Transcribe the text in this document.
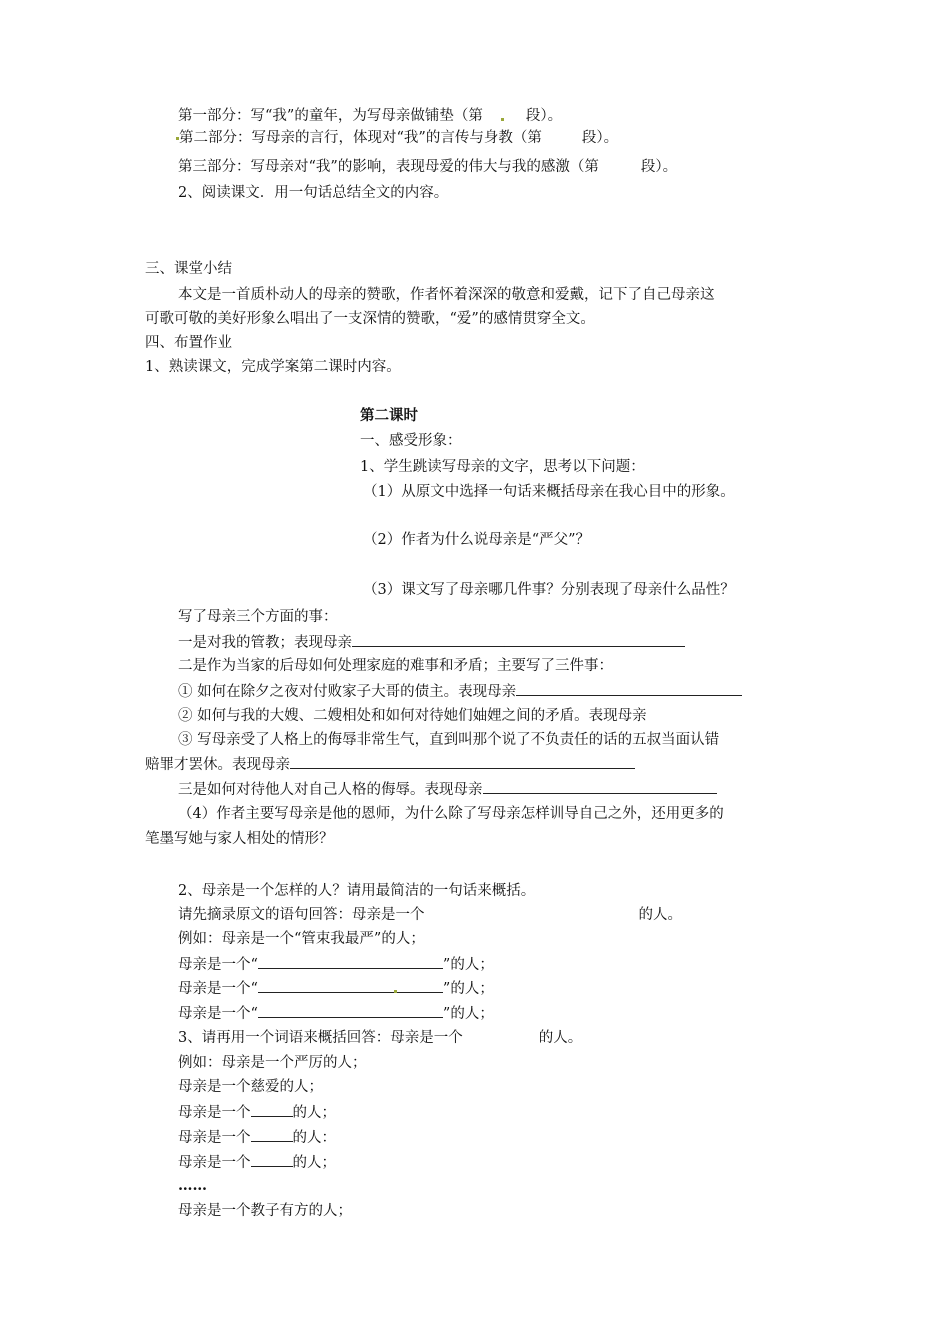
第一部分：写“我”的童年，为写母亲做铺垫（第	段）。
第二部分：写母亲的言行，体现对“我”的言传与身教（第	段）。
第三部分：写母亲对“我”的影响，表现母爱的伟大与我的感激（第	段）。
2、阅读课文．用一句话总结全文的内容。
三、课堂小结
本文是一首质朴动人的母亲的赞歌，作者怀着深深的敬意和爱戴，记下了自己母亲这
可歌可敬的美好形象么唱出了一支深情的赞歌，“爱”的感情贯穿全文。
四、布置作业
1、熟读课文，完成学案第二课时内容。
第二课时
一、感受形象：
1、学生跳读写母亲的文字，思考以下问题：
（1）从原文中选择一句话来概括母亲在我心目中的形象。
（2）作者为什么说母亲是“严父”？
（3）课文写了母亲哪几件事？分别表现了母亲什么品性？
写了母亲三个方面的事：
一是对我的管教；表现母亲
二是作为当家的后母如何处理家庭的难事和矛盾；主要写了三件事：
① 如何在除夕之夜对付败家子大哥的债主。表现母亲
② 如何与我的大嫂、二嫂相处和如何对待她们妯娌之间的矛盾。表现母亲
③ 写母亲受了人格上的侮辱非常生气，直到叫那个说了不负责任的话的五叔当面认错
赔罪才罢休。表现母亲
三是如何对待他人对自己人格的侮辱。表现母亲
（4）作者主要写母亲是他的恩师，为什么除了写母亲怎样训导自己之外，还用更多的
笔墨写她与家人相处的情形？
2、母亲是一个怎样的人？请用最简洁的一句话来概括。
请先摘录原文的语句回答：母亲是一个	的人。
例如：母亲是一个“管束我最严”的人；
母亲是一个“	”的人；
母亲是一个“	”的人；
母亲是一个“	”的人；
3、请再用一个词语来概括回答：母亲是一个	的人。
例如：母亲是一个严厉的人；
母亲是一个慈爱的人；
母亲是一个	的人；
母亲是一个	的人：
母亲是一个	的人；
……
母亲是一个教子有方的人；
